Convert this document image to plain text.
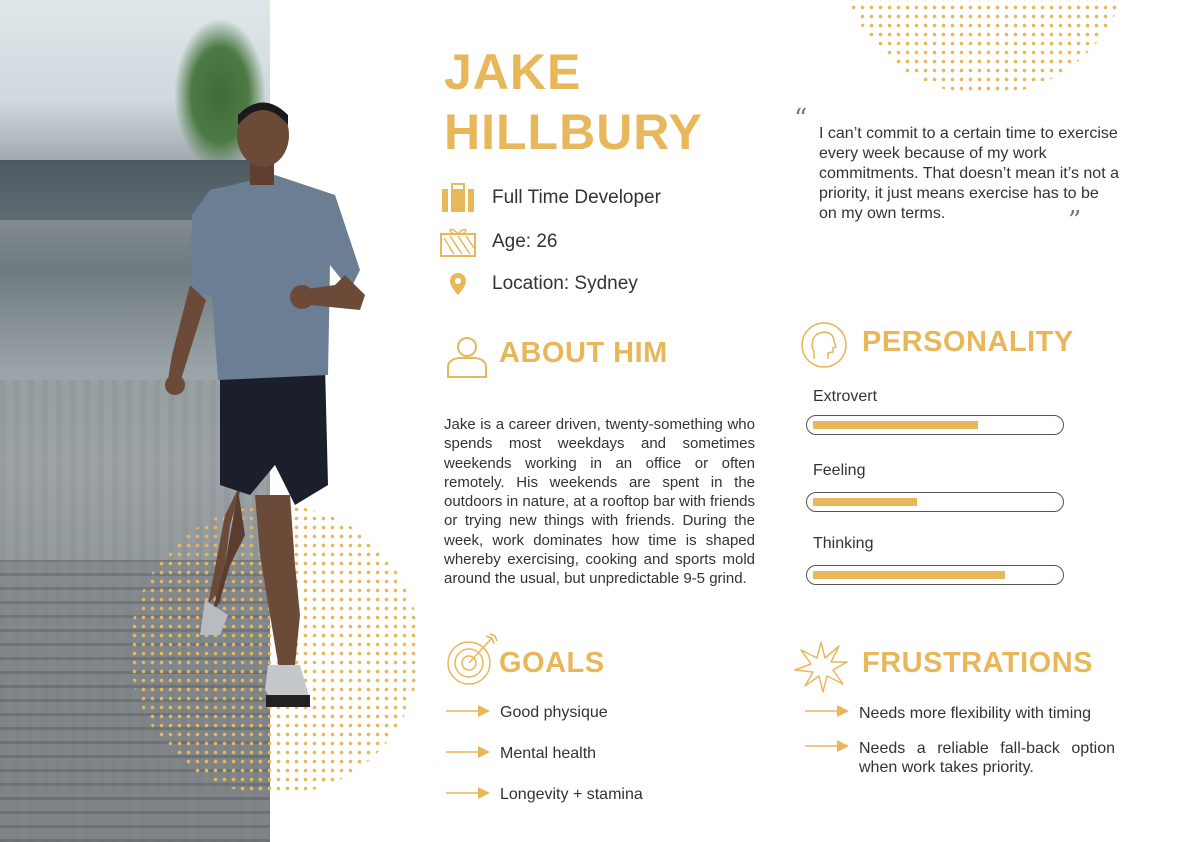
JAKE
HILLBURY
Full Time Developer
Age: 26
Location: Sydney
“ I can’t commit to a certain time to exercise every week because of my work commitments. That doesn’t mean it’s not a priority, it just means exercise has to be on my own terms.	”
ABOUT HIM
Jake is a career driven, twenty-something who spends most weekdays and sometimes weekends working in an office or often remotely. His weekends are spent in the outdoors in nature, at a rooftop bar with friends or trying new things with friends. During the week, work dominates how time is shaped whereby exercising, cooking and sports mold around the usual, but unpredictable 9-5 grind.
PERSONALITY
Extrovert
Feeling
Thinking
GOALS
Good physique
Mental health
Longevity + stamina
FRUSTRATIONS
Needs more flexibility with timing
Needs a reliable fall-back option when work takes priority.
